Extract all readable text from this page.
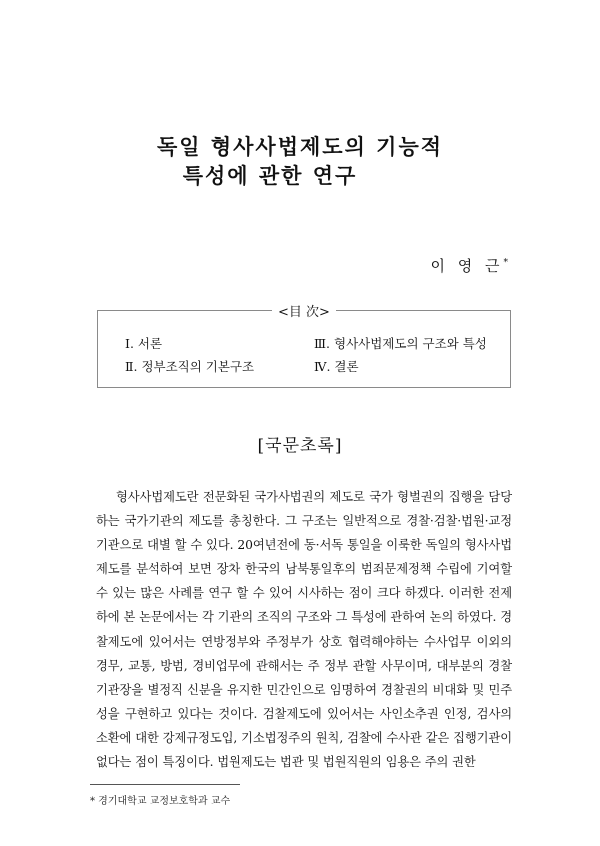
독일 형사사법제도의 기능적
특성에 관한 연구
이 영 근*
<目 次>
Ⅰ. 서론	Ⅲ. 형사사법제도의 구조와 특성
Ⅱ. 정부조직의 기본구조	Ⅳ. 결론
[국문초록]

형사사법제도란 전문화된 국가사법권의 제도로 국가 형벌권의 집행을 담당하는 국가기관의 제도를 총칭한다. 그 구조는 일반적으로 경찰·검찰·법원·교정기관으로 대별 할 수 있다. 20여년전에 동·서독 통일을 이룩한 독일의 형사사법제도를 분석하여 보면 장차 한국의 남북통일후의 범죄문제정책 수립에 기여할 수 있는 많은 사례를 연구 할 수 있어 시사하는 점이 크다 하겠다. 이러한 전제하에 본 논문에서는 각 기관의 조직의 구조와 그 특성에 관하여 논의 하였다. 경찰제도에 있어서는 연방정부와 주정부가 상호 협력해야하는 수사업무 이외의 경무, 교통, 방범, 경비업무에 관해서는 주 정부 관할 사무이며, 대부분의 경찰기관장을 별정직 신분을 유지한 민간인으로 임명하여 경찰권의 비대화 및 민주성을 구현하고 있다는 것이다. 검찰제도에 있어서는 사인소추권 인정, 검사의 소환에 대한 강제규정도입, 기소법정주의 원칙, 검찰에 수사관 같은 집행기관이 없다는 점이 특징이다. 법원제도는 법관 및 법원직원의 임용은 주의 권한

* 경기대학교 교정보호학과 교수
